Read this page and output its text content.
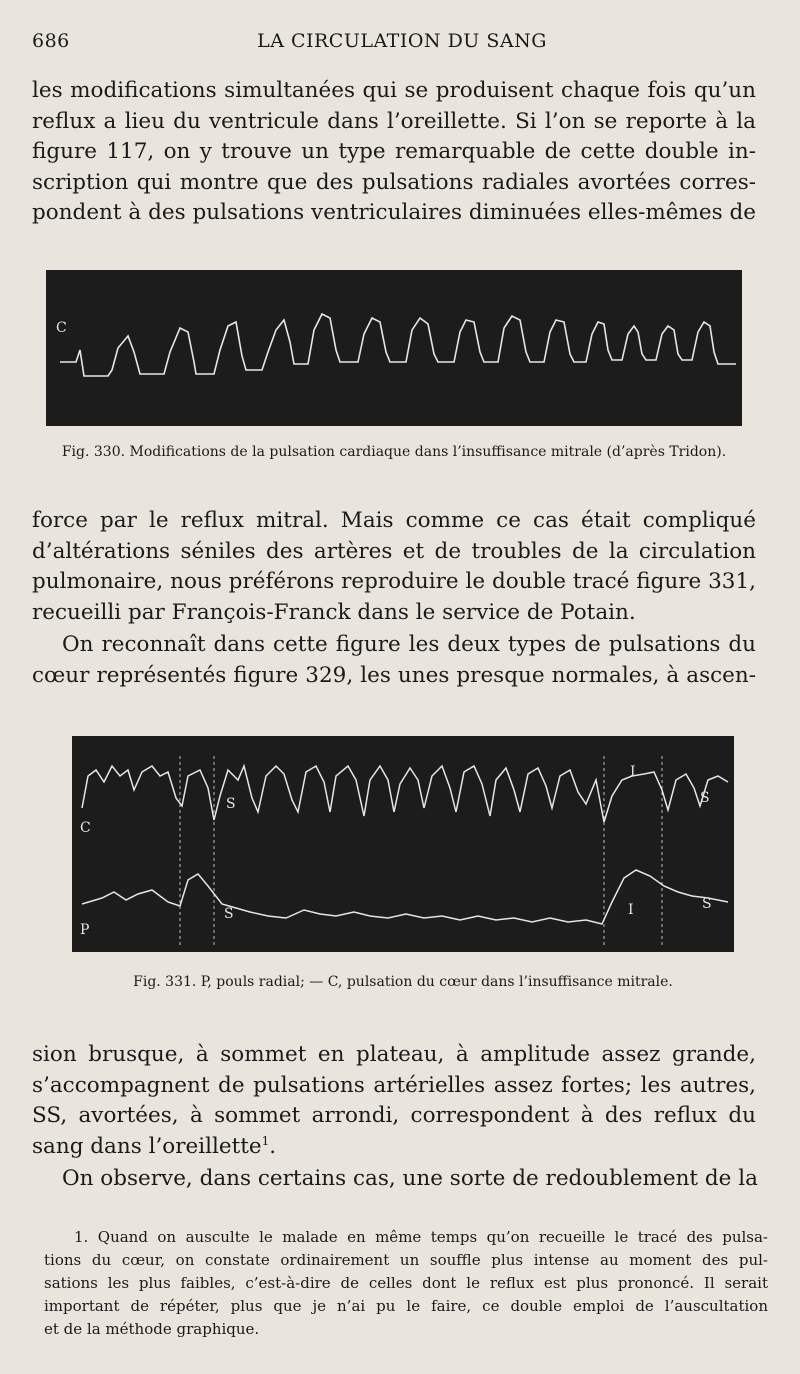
686	LA CIRCULATION DU SANG

les modifications simultanées qui se produisent chaque fois qu’un
reflux a lieu du ventricule dans l’oreillette. Si l’on se reporte à la
figure 117, on y trouve un type remarquable de cette double in-
scription qui montre que des pulsations radiales avortées corres-
pondent à des pulsations ventriculaires diminuées elles-mêmes de

C
Fig. 330. Modifications de la pulsation cardiaque dans l’insuffisance mitrale (d’après Tridon).

force par le reflux mitral. Mais comme ce cas était compliqué
d’altérations séniles des artères et de troubles de la circulation
pulmonaire, nous préférons reproduire le double tracé figure 331,
recueilli par François-Franck dans le service de Potain.

On reconnaît dans cette figure les deux types de pulsations du
cœur représentés figure 329, les unes presque normales, à ascen-

C
P
S	S
I
S	I	S
Fig. 331. P, pouls radial; — C, pulsation du cœur dans l’insuffisance mitrale.

sion brusque, à sommet en plateau, à amplitude assez grande,
s’accompagnent de pulsations artérielles assez fortes; les autres,
SS, avortées, à sommet arrondi, correspondent à des reflux du
sang dans l’oreillette$^1$.

On observe, dans certains cas, une sorte de redoublement de la

1. Quand on ausculte le malade en même temps qu’on recueille le tracé des pulsa-
tions du cœur, on constate ordinairement un souffle plus intense au moment des pul-
sations les plus faibles, c’est-à-dire de celles dont le reflux est plus prononcé. Il serait
important de répéter, plus que je n’ai pu le faire, ce double emploi de l’auscultation
et de la méthode graphique.
